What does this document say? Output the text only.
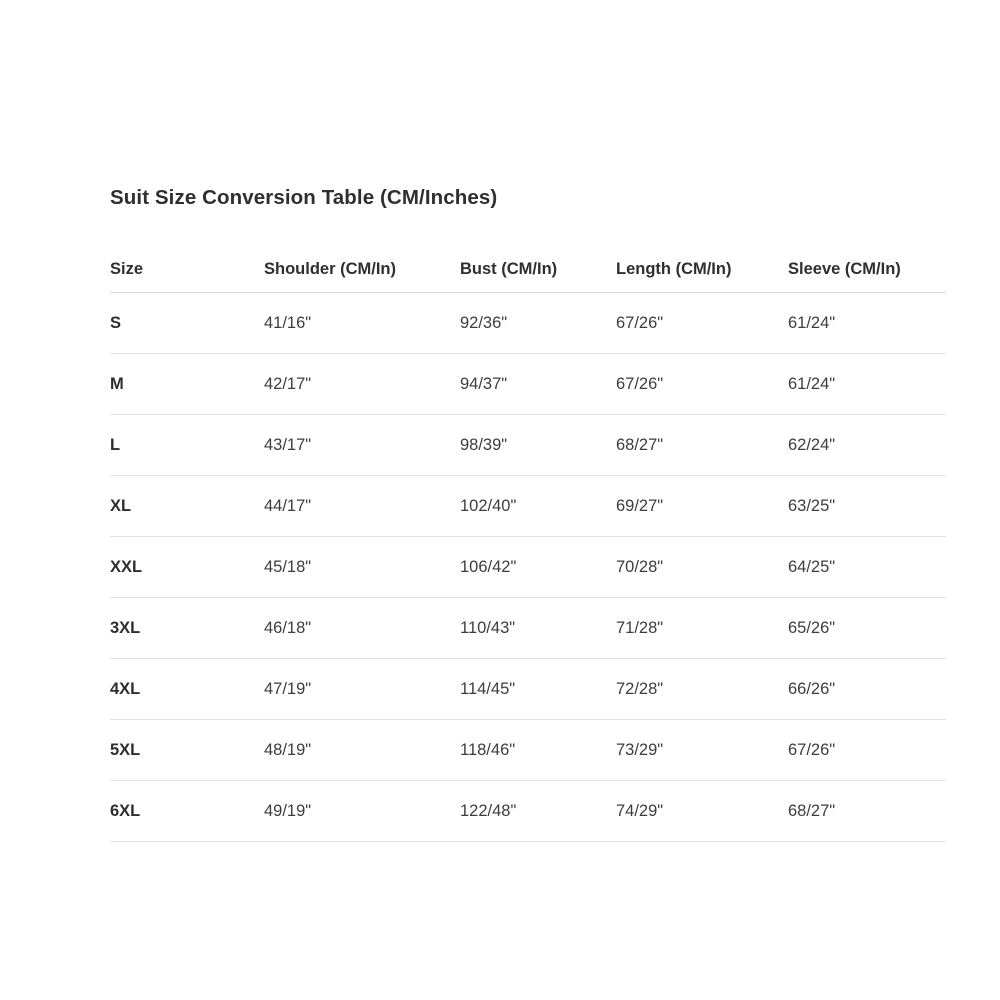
Suit Size Conversion Table (CM/Inches)
Size	Shoulder (CM/In)	Bust (CM/In)	Length (CM/In)	Sleeve (CM/In)
S	41/16"	92/36"	67/26"	61/24"
M	42/17"	94/37"	67/26"	61/24"
L	43/17"	98/39"	68/27"	62/24"
XL	44/17"	102/40"	69/27"	63/25"
XXL	45/18"	106/42"	70/28"	64/25"
3XL	46/18"	110/43"	71/28"	65/26"
4XL	47/19"	114/45"	72/28"	66/26"
5XL	48/19"	118/46"	73/29"	67/26"
6XL	49/19"	122/48"	74/29"	68/27"
